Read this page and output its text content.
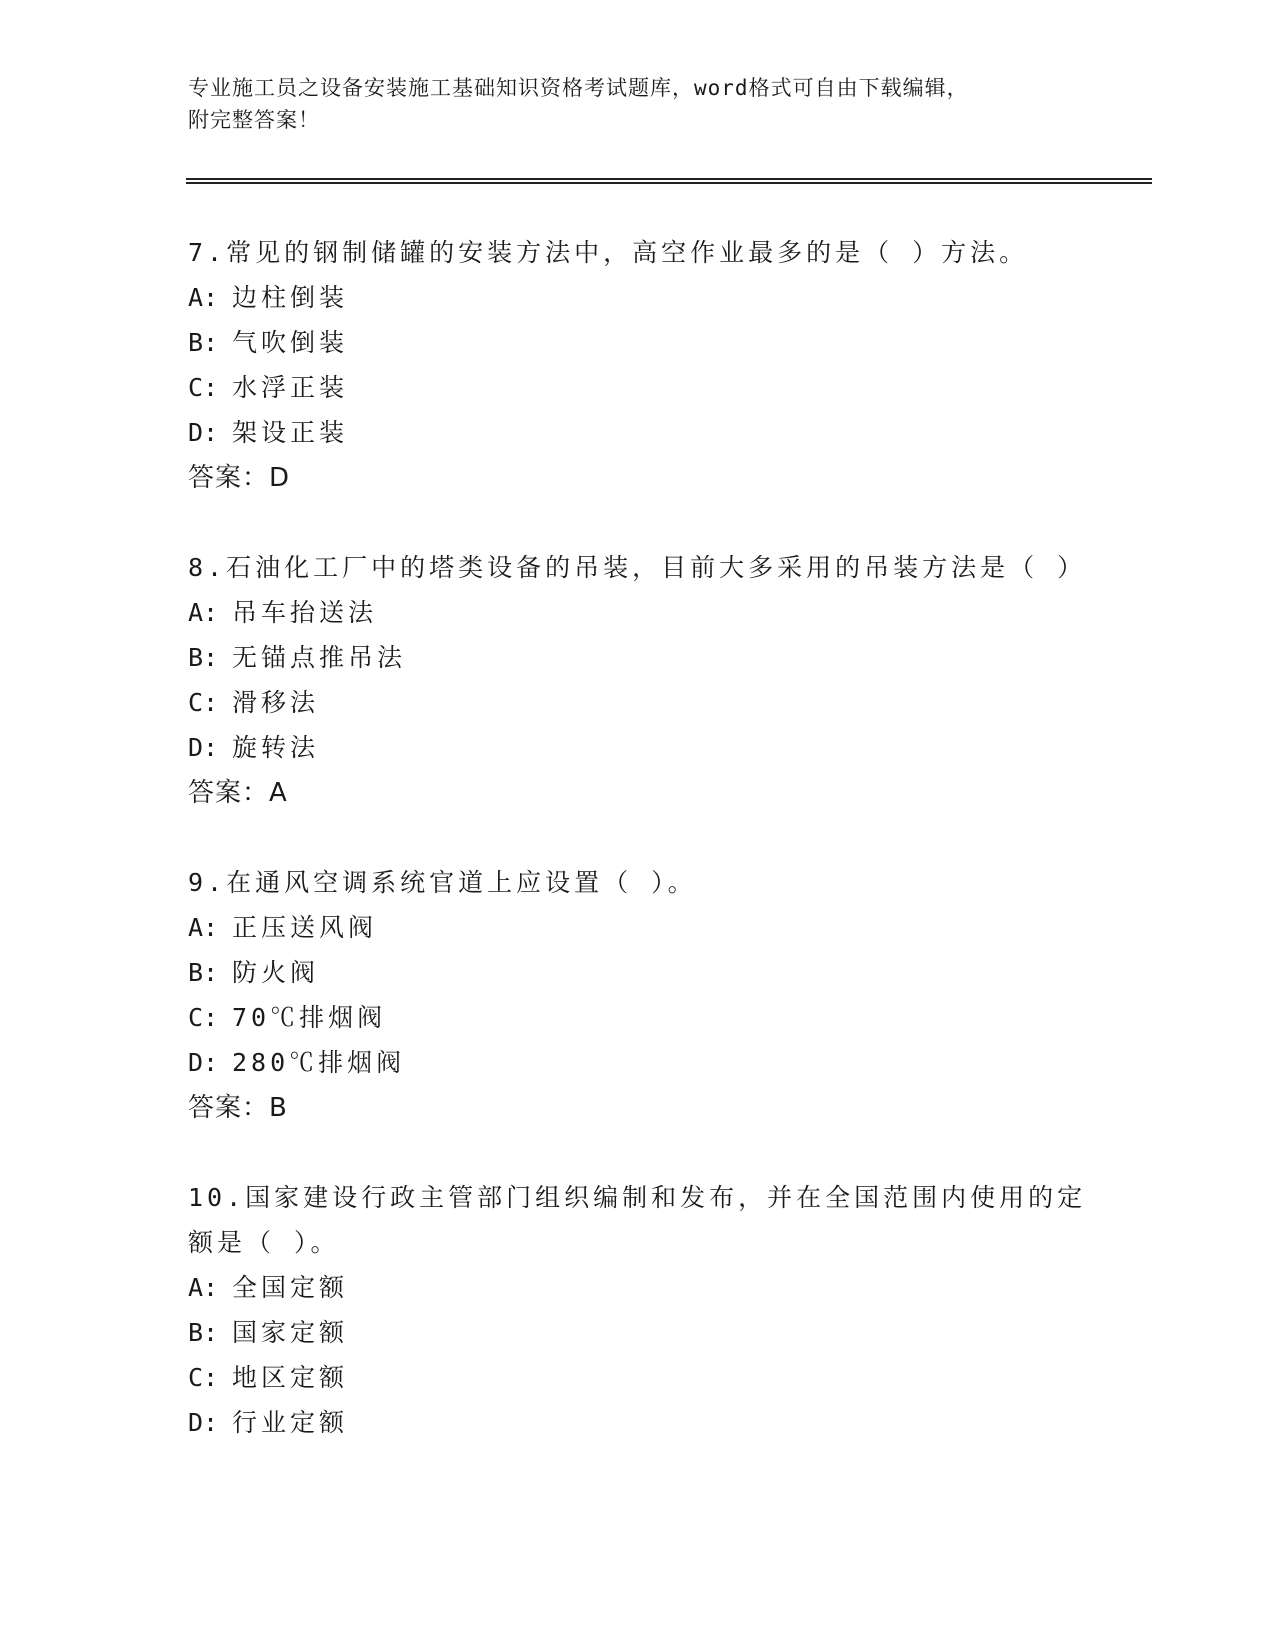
专业施工员之设备安装施工基础知识资格考试题库，word格式可自由下载编辑，
附完整答案！

7.常见的钢制储罐的安装方法中，高空作业最多的是（ ）方法。

A: 边柱倒装

B: 气吹倒装

C: 水浮正装

D: 架设正装

答案：D

8.石油化工厂中的塔类设备的吊装，目前大多采用的吊装方法是（ ）

A: 吊车抬送法

B: 无锚点推吊法

C: 滑移法

D: 旋转法

答案：A

9.在通风空调系统官道上应设置（ ）。

A: 正压送风阀

B: 防火阀

C: 70℃排烟阀

D: 280℃排烟阀

答案：B

10.国家建设行政主管部门组织编制和发布，并在全国范围内使用的定额是（ ）。

A: 全国定额

B: 国家定额

C: 地区定额

D: 行业定额
